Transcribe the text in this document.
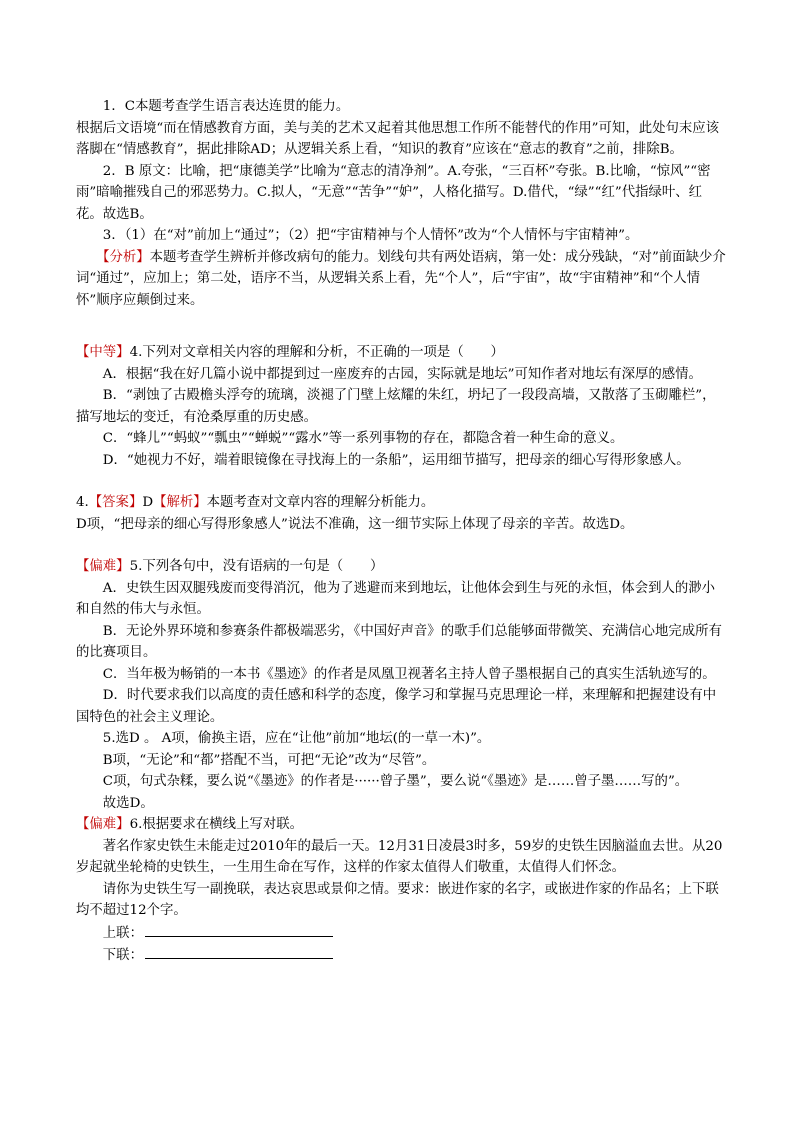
1．C本题考查学生语言表达连贯的能力。

根据后文语境“而在情感教育方面，美与美的艺术又起着其他思想工作所不能替代的作用”可知，此处句末应该落脚在“情感教育”，据此排除AD；从逻辑关系上看，“知识的教育”应该在“意志的教育”之前，排除B。

2．B 原文：比喻，把“康德美学”比喻为“意志的清净剂”。A.夸张，“三百杯”夸张。B.比喻，“惊风”“密雨”暗喻摧残自己的邪恶势力。C.拟人，“无意”“苦争”“妒”，人格化描写。D.借代，“绿”“红”代指绿叶、红花。故选B。

3．（1）在“对”前加上“通过”；（2）把“宇宙精神与个人情怀”改为“个人情怀与宇宙精神”。

【分析】本题考查学生辨析并修改病句的能力。划线句共有两处语病，第一处：成分残缺，“对”前面缺少介词“通过”，应加上；第二处，语序不当，从逻辑关系上看，先“个人”，后“宇宙”，故“宇宙精神”和“个人情怀”顺序应颠倒过来。

【中等】4.下列对文章相关内容的理解和分析，不正确的一项是（　　）

A．根据“我在好几篇小说中都提到过一座废弃的古园，实际就是地坛”可知作者对地坛有深厚的感情。

B．“剥蚀了古殿檐头浮夸的琉璃，淡褪了门壁上炫耀的朱红，坍圮了一段段高墙，又散落了玉砌雕栏”，描写地坛的变迁，有沧桑厚重的历史感。

C．“蜂儿”“蚂蚁”“瓢虫”“蝉蜕”“露水”等一系列事物的存在，都隐含着一种生命的意义。

D．“她视力不好，端着眼镜像在寻找海上的一条船”，运用细节描写，把母亲的细心写得形象感人。

4.【答案】D【解析】本题考查对文章内容的理解分析能力。

D项，“把母亲的细心写得形象感人”说法不准确，这一细节实际上体现了母亲的辛苦。故选D。

【偏难】5.下列各句中，没有语病的一句是（　　）

A．史铁生因双腿残废而变得消沉，他为了逃避而来到地坛，让他体会到生与死的永恒，体会到人的渺小和自然的伟大与永恒。

B．无论外界环境和参赛条件都极端恶劣，《中国好声音》的歌手们总能够面带微笑、充满信心地完成所有的比赛项目。

C．当年极为畅销的一本书《墨迹》的作者是凤凰卫视著名主持人曾子墨根据自己的真实生活轨迹写的。

D．时代要求我们以高度的责任感和科学的态度，像学习和掌握马克思理论一样，来理解和把握建设有中国特色的社会主义理论。

5.选D 。 A项，偷换主语，应在“让他”前加“地坛(的一草一木)”。

B项，“无论”和“都”搭配不当，可把“无论”改为“尽管”。

C项，句式杂糅，要么说“《墨迹》的作者是······曾子墨”，要么说“《墨迹》是……曾子墨……写的”。

故选D。

【偏难】6.根据要求在横线上写对联。

著名作家史铁生未能走过2010年的最后一天。12月31日凌晨3时多，59岁的史铁生因脑溢血去世。从20岁起就坐轮椅的史铁生，一生用生命在写作，这样的作家太值得人们敬重，太值得人们怀念。

请你为史铁生写一副挽联，表达哀思或景仰之情。要求：嵌进作家的名字，或嵌进作家的作品名；上下联均不超过12个字。

上联：

下联：
